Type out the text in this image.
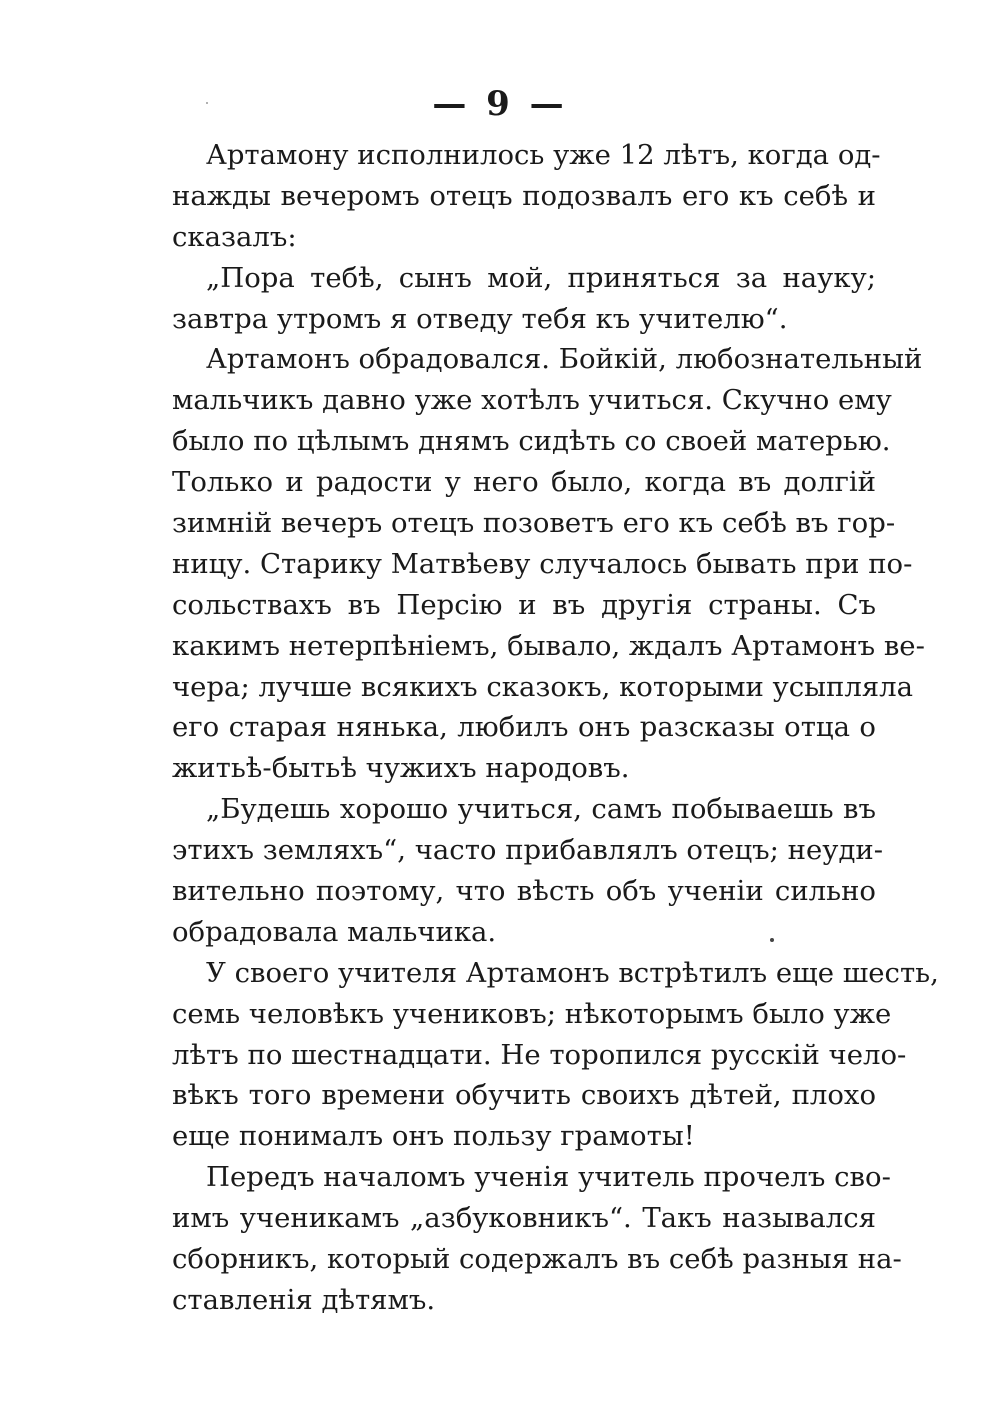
— 9 —
Артамону исполнилось уже 12 лѣтъ, когда од-
нажды вечеромъ отецъ подозвалъ его къ себѣ и
сказалъ:
„Пора тебѣ, сынъ мой, приняться за науку;
завтра утромъ я отведу тебя къ учителю“.
Артамонъ обрадовался. Бойкій, любознательный
мальчикъ давно уже хотѣлъ учиться. Скучно ему
было по цѣлымъ днямъ сидѣть со своей матерью.
Только и радости у него было, когда въ долгій
зимній вечеръ отецъ позоветъ его къ себѣ въ гор-
ницу. Старику Матвѣеву случалось бывать при по-
сольствахъ въ Персію и въ другія страны. Съ
какимъ нетерпѣніемъ, бывало, ждалъ Артамонъ ве-
чера; лучше всякихъ сказокъ, которыми усыпляла
его старая нянька, любилъ онъ разсказы отца о
житьѣ-бытьѣ чужихъ народовъ.
„Будешь хорошо учиться, самъ побываешь въ
этихъ земляхъ“, часто прибавлялъ отецъ; неуди-
вительно поэтому, что вѣсть объ ученіи сильно
обрадовала мальчика.
У своего учителя Артамонъ встрѣтилъ еще шесть,
семь человѣкъ учениковъ; нѣкоторымъ было уже
лѣтъ по шестнадцати. Не торопился русскій чело-
вѣкъ того времени обучить своихъ дѣтей, плохо
еще понималъ онъ пользу грамоты!
Передъ началомъ ученія учитель прочелъ сво-
имъ ученикамъ „азбуковникъ“. Такъ назывался
сборникъ, который содержалъ въ себѣ разныя на-
ставленія дѣтямъ.
